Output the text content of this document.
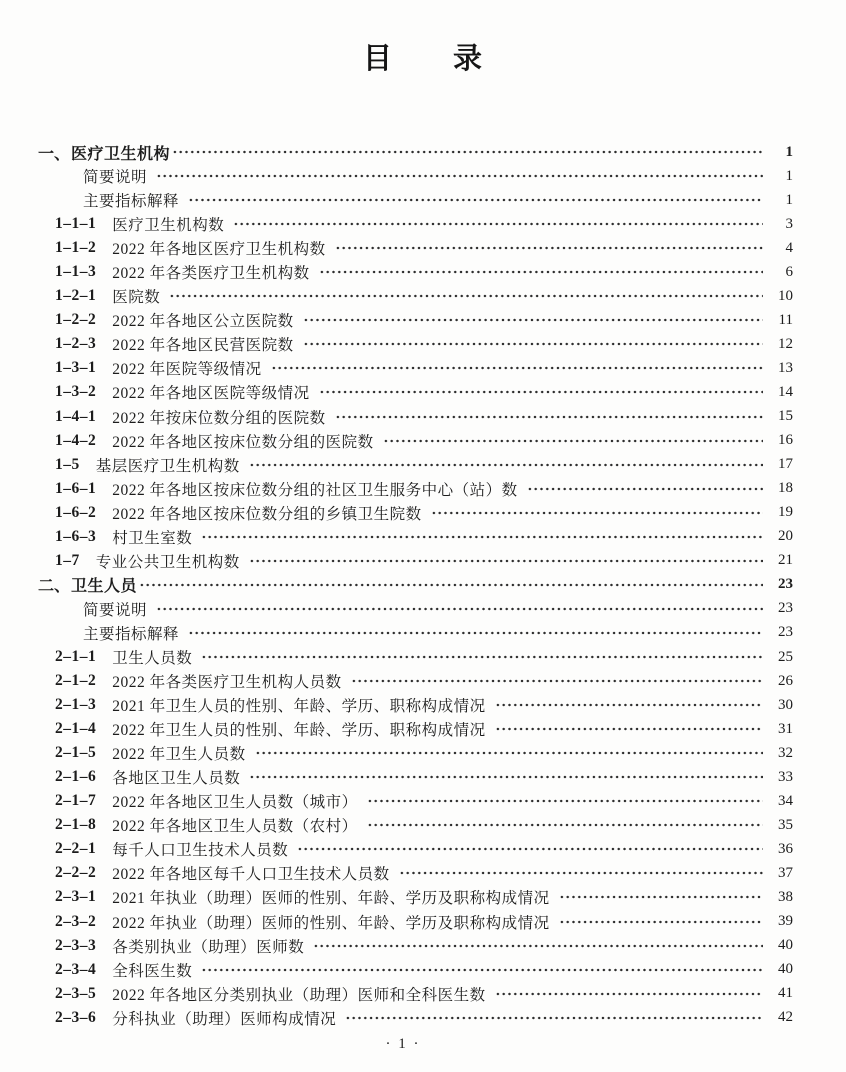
目　　录
一、 医疗卫生机构	1
简要说明	1
主要指标解释	1
1–1–1 医疗卫生机构数	3
1–1–2 2022 年各地区医疗卫生机构数	4
1–1–3 2022 年各类医疗卫生机构数	6
1–2–1 医院数	10
1–2–2 2022 年各地区公立医院数	11
1–2–3 2022 年各地区民营医院数	12
1–3–1 2022 年医院等级情况	13
1–3–2 2022 年各地区医院等级情况	14
1–4–1 2022 年按床位数分组的医院数	15
1–4–2 2022 年各地区按床位数分组的医院数	16
1–5 基层医疗卫生机构数	17
1–6–1 2022 年各地区按床位数分组的社区卫生服务中心（站）数	18
1–6–2 2022 年各地区按床位数分组的乡镇卫生院数	19
1–6–3 村卫生室数	20
1–7 专业公共卫生机构数	21
二、 卫生人员	23
简要说明	23
主要指标解释	23
2–1–1 卫生人员数	25
2–1–2 2022 年各类医疗卫生机构人员数	26
2–1–3 2021 年卫生人员的性别、年龄、学历、职称构成情况	30
2–1–4 2022 年卫生人员的性别、年龄、学历、职称构成情况	31
2–1–5 2022 年卫生人员数	32
2–1–6 各地区卫生人员数	33
2–1–7 2022 年各地区卫生人员数（城市）	34
2–1–8 2022 年各地区卫生人员数（农村）	35
2–2–1 每千人口卫生技术人员数	36
2–2–2 2022 年各地区每千人口卫生技术人员数	37
2–3–1 2021 年执业（助理）医师的性别、年龄、学历及职称构成情况	38
2–3–2 2022 年执业（助理）医师的性别、年龄、学历及职称构成情况	39
2–3–3 各类别执业（助理）医师数	40
2–3–4 全科医生数	40
2–3–5 2022 年各地区分类别执业（助理）医师和全科医生数	41
2–3–6 分科执业（助理）医师构成情况	42
· 1 ·
